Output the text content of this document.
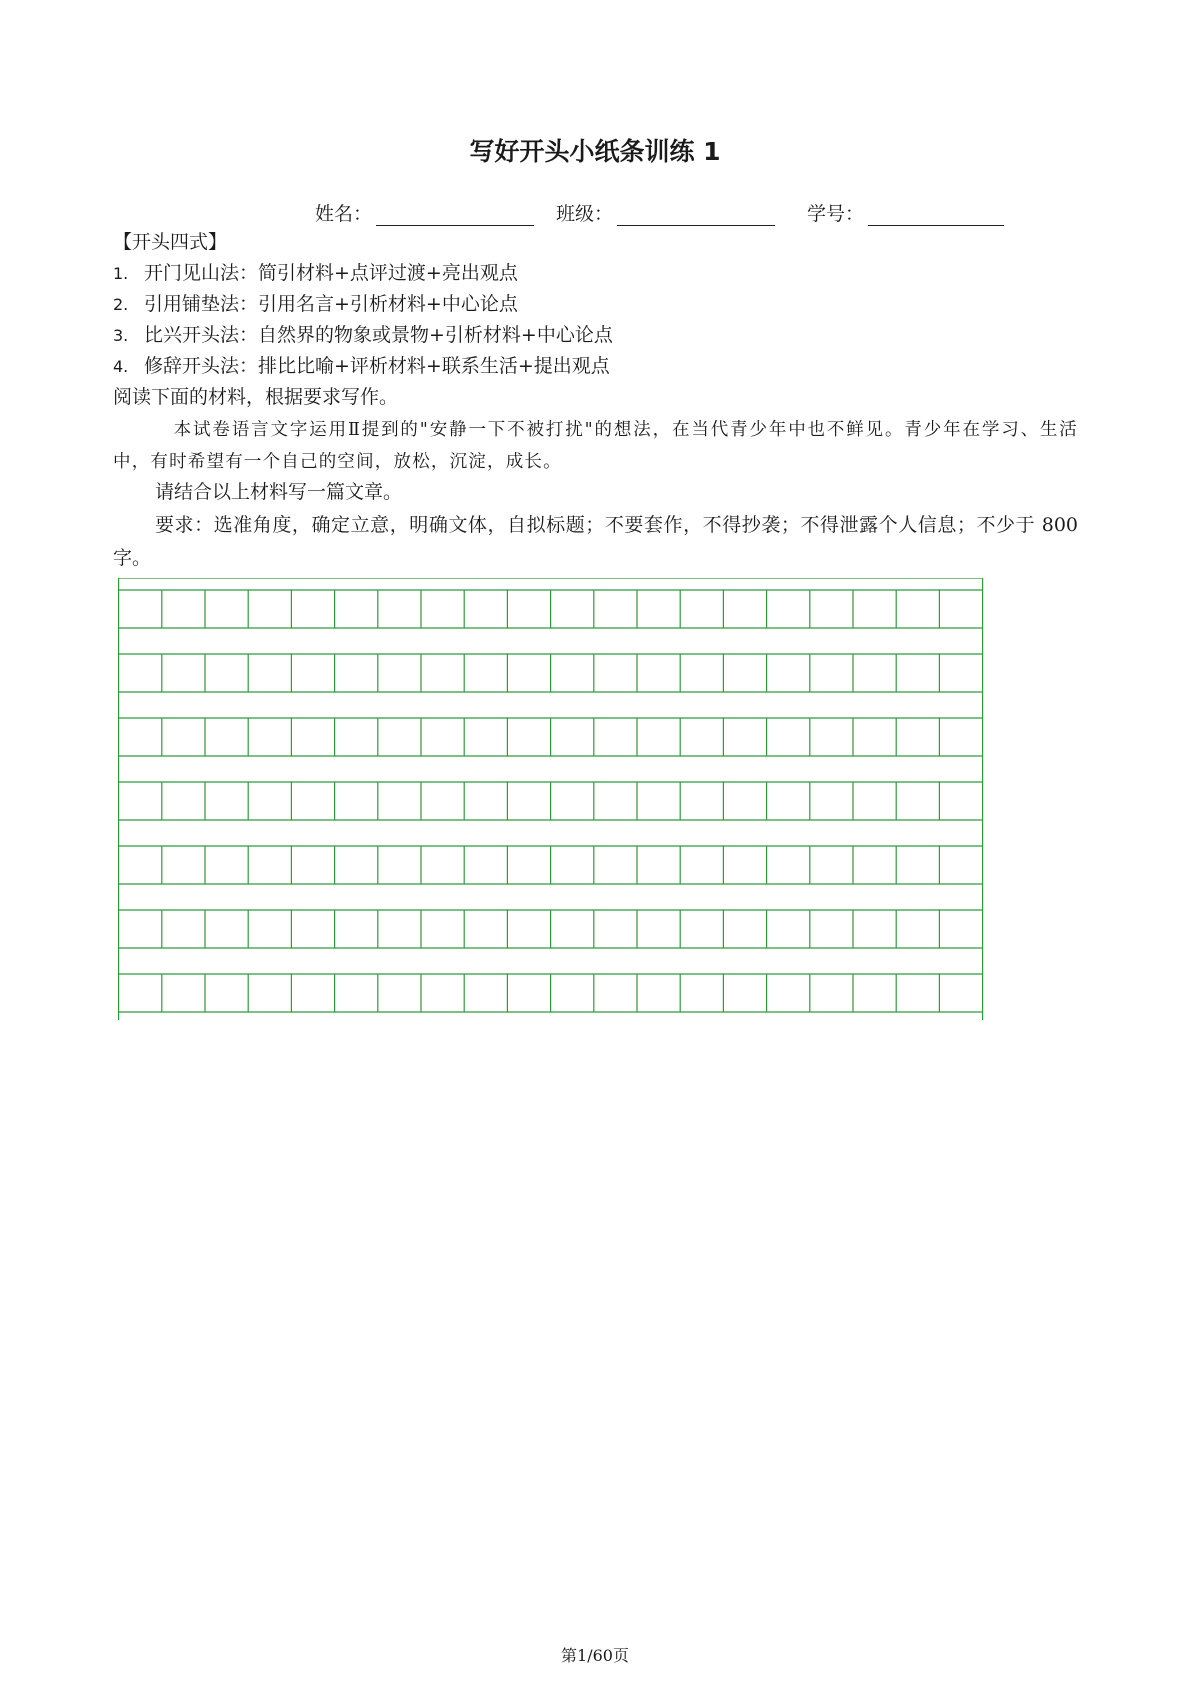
写好开头小纸条训练 1
姓名：	班级：	学号：
【开头四式】
1. 开门见山法：简引材料+点评过渡+亮出观点
2. 引用铺垫法：引用名言+引析材料+中心论点
3. 比兴开头法：自然界的物象或景物+引析材料+中心论点
4. 修辞开头法：排比比喻+评析材料+联系生活+提出观点
阅读下面的材料，根据要求写作。
本试卷语言文字运用Ⅱ提到的"安静一下不被打扰"的想法，在当代青少年中也不鲜见。青少年在学习、生活中，有时希望有一个自己的空间，放松，沉淀，成长。
请结合以上材料写一篇文章。
要求：选准角度，确定立意，明确文体，自拟标题；不要套作，不得抄袭；不得泄露个人信息；不少于 800 字。
第1/60页
